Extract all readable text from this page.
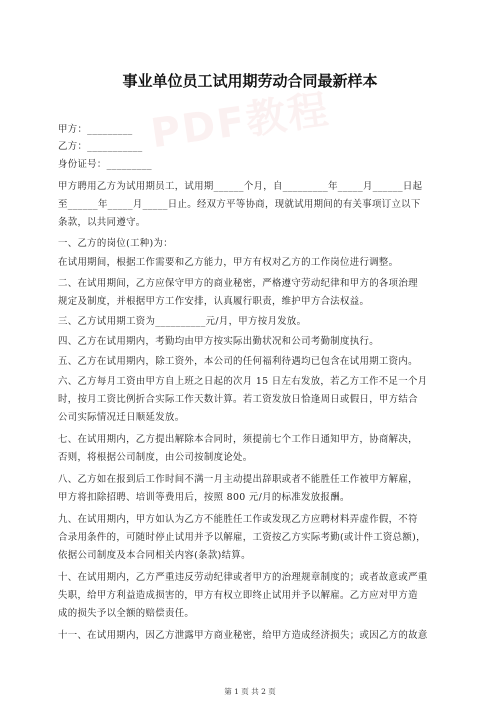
PDF教程
事业单位员工试用期劳动合同最新样本
甲方：_________
乙方：___________
身份证号：_________
甲方聘用乙方为试用期员工，试用期______个月，自_________年_____月______日起
至______年_____月_____日止。经双方平等协商，现就试用期间的有关事项订立以下
条款，以共同遵守。
一、乙方的岗位(工种)为：
在试用期间，根据工作需要和乙方能力，甲方有权对乙方的工作岗位进行调整。
二、在试用期间，乙方应保守甲方的商业秘密，严格遵守劳动纪律和甲方的各项治理
规定及制度，并根据甲方工作安排，认真履行职责，维护甲方合法权益。
三、乙方试用期工资为__________元/月，甲方按月发放。
四、乙方在试用期内，考勤均由甲方按实际出勤状况和公司考勤制度执行。
五、乙方在试用期内，除工资外，本公司的任何福利待遇均已包含在试用期工资内。
六、乙方每月工资由甲方自上班之日起的次月 15 日左右发放，若乙方工作不足一个月
时，按月工资比例折合实际工作天数计算。若工资发放日恰逢周日或假日，甲方结合
公司实际情况迁日顺延发放。
七、在试用期内，乙方提出解除本合同时，须提前七个工作日通知甲方，协商解决，
否则，将根据公司制度，由公司按制度论处。
八、乙方如在报到后工作时间不满一月主动提出辞职或者不能胜任工作被甲方解雇，
甲方将扣除招聘、培训等费用后，按照 800 元/月的标准发放报酬。
九、在试用期内，甲方如认为乙方不能胜任工作或发现乙方应聘材料弄虚作假，不符
合录用条件的，可随时停止试用并予以解雇，工资按乙方实际考勤(或计件工资总额)，
依据公司制度及本合同相关内容(条款)结算。
十、在试用期内，乙方严重违反劳动纪律或者甲方的治理规章制度的；或者故意或严重
失职，给甲方利益造成损害的，甲方有权立即终止试用并予以解雇。乙方应对甲方造
成的损失予以全额的赔偿责任。
十一、在试用期内，因乙方泄露甲方商业秘密，给甲方造成经济损失；或因乙方的故意
第 1 页 共 2 页
